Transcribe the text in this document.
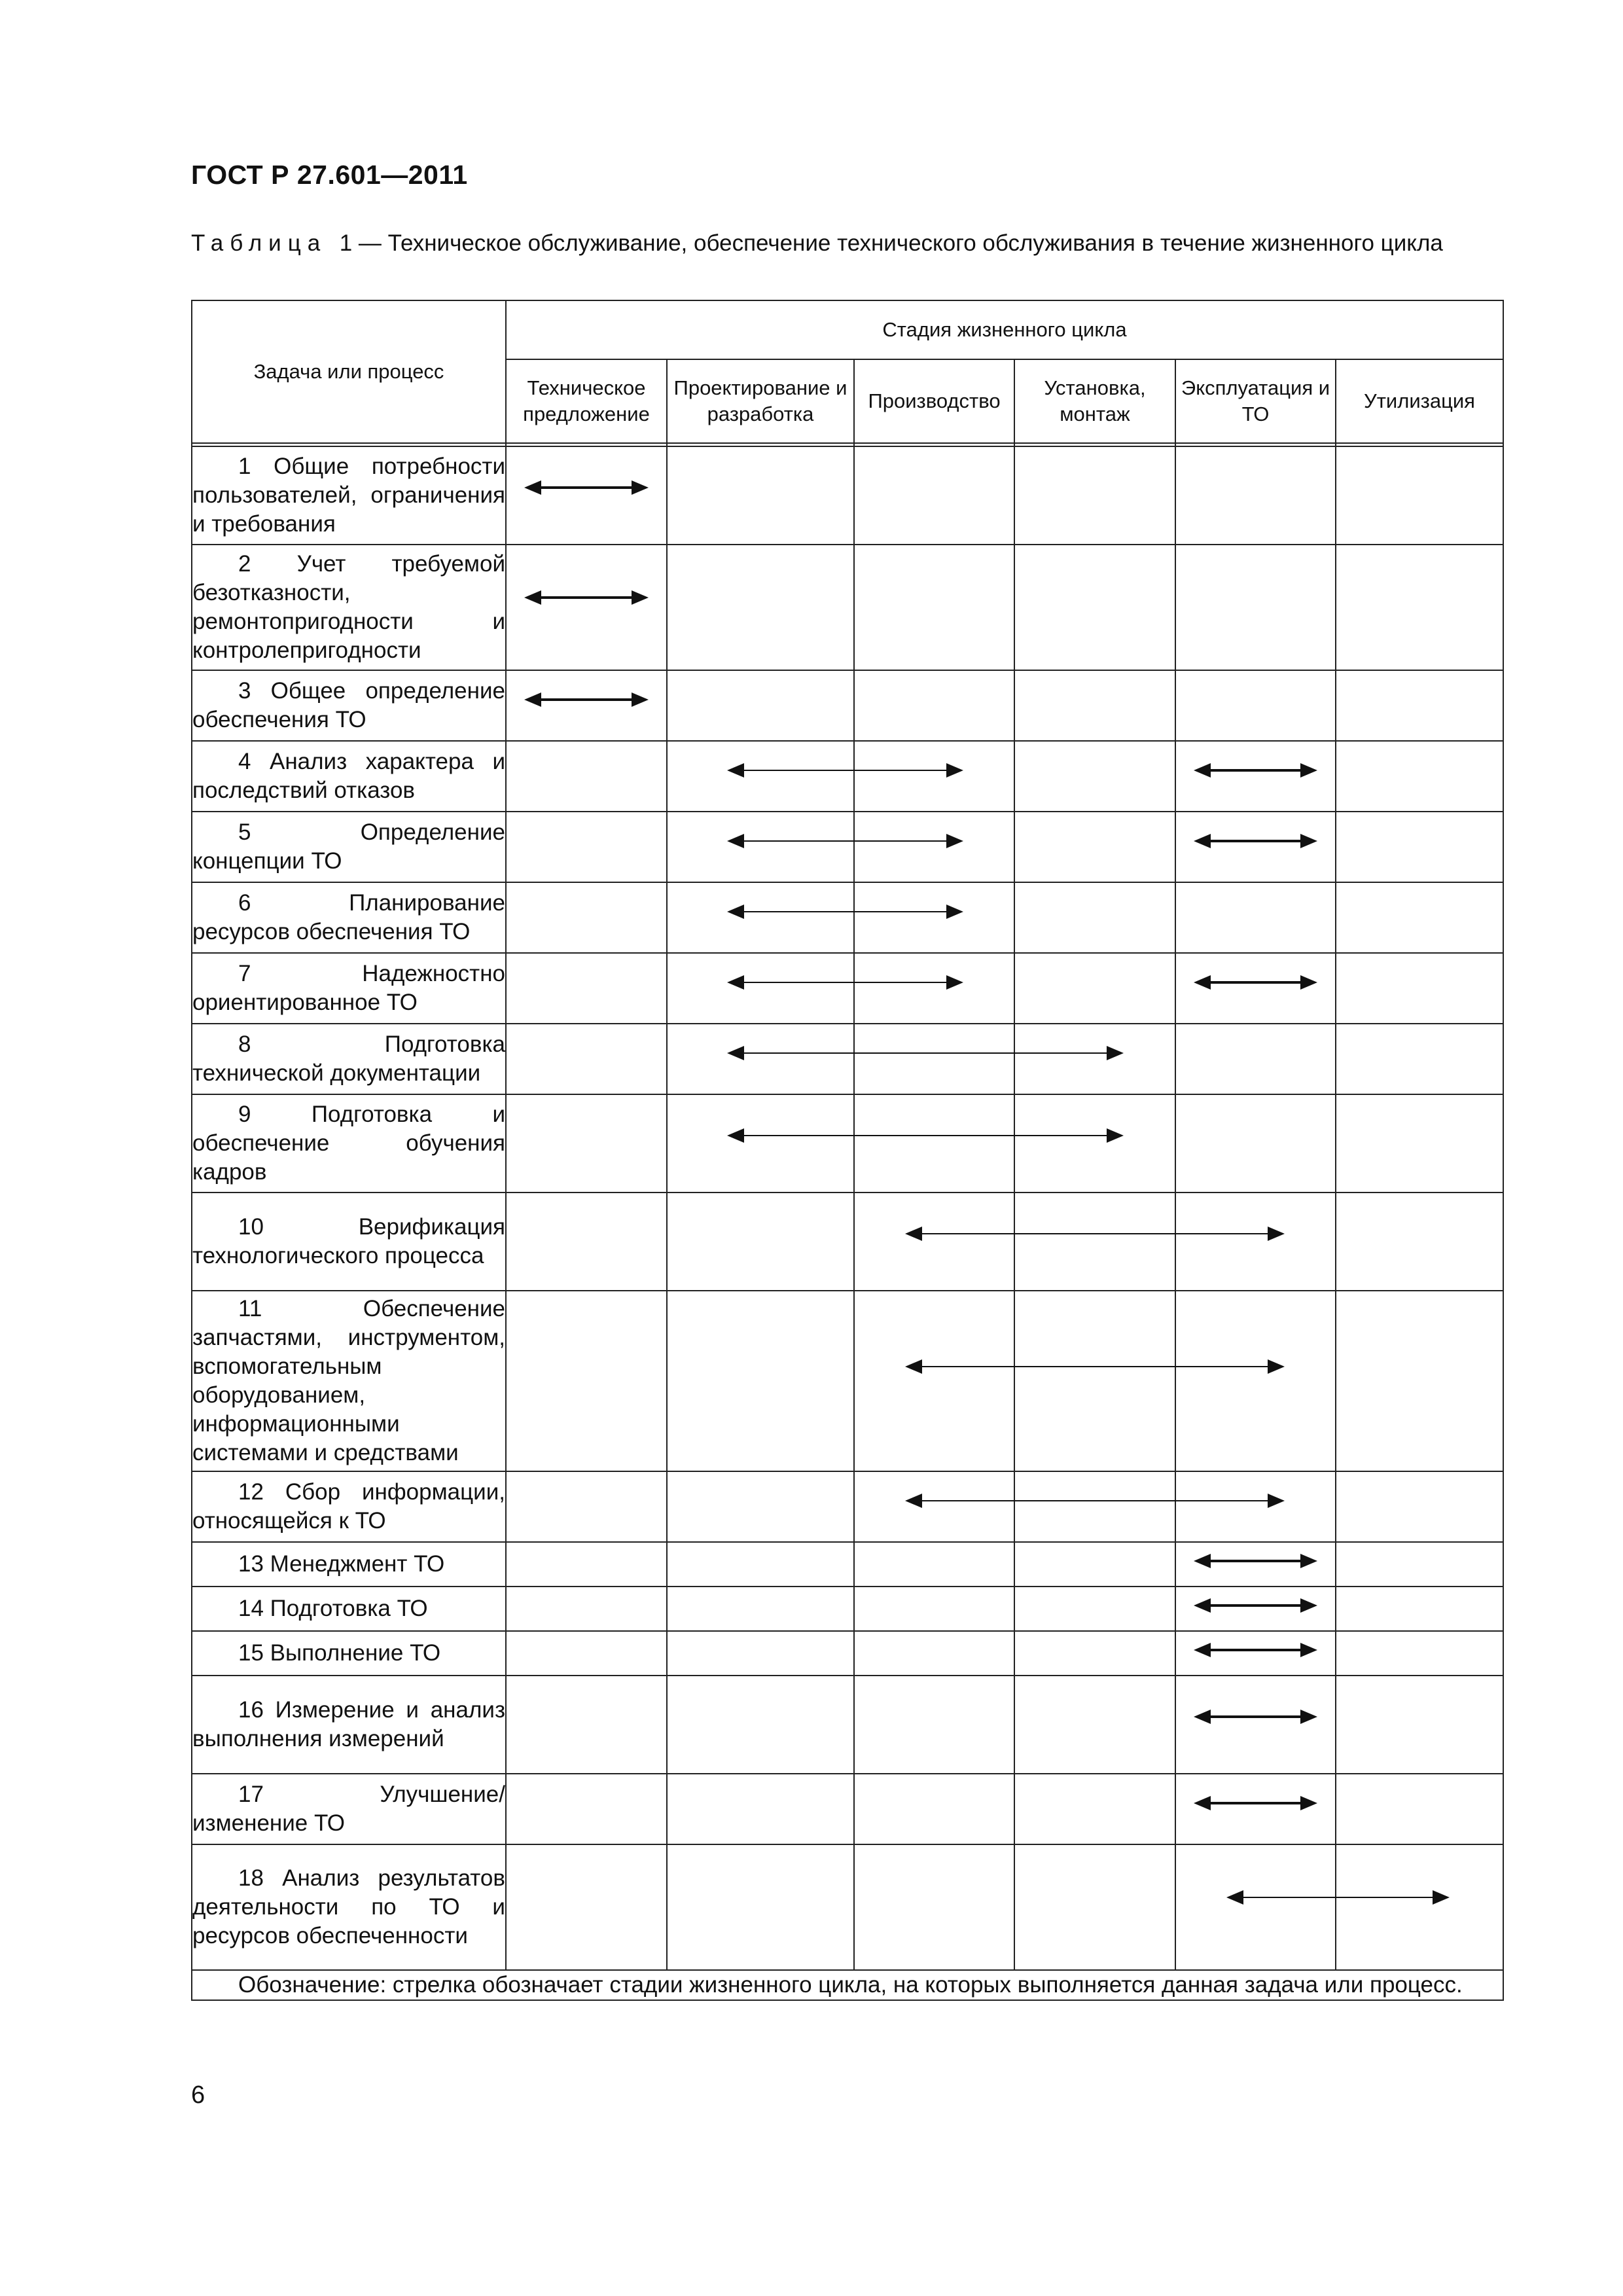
ГОСТ Р 27.601—2011
Таблица 1 — Техническое обслуживание, обеспечение технического обслуживания в течение жизненного цикла
Задача или процесс	Стадия жизненного цикла					
	Техническое предложение	Проектирование и разработка	Производство	Установка, монтаж	Эксплуатация и ТО	Утилизация

1 Общие потребности пользователей, ограничения и требования						

2 Учет требуемой безотказности, ремонтопригодности и контролепригодности						

3 Общее определение обеспечения ТО						

4 Анализ характера и последствий отказов						

5 Определение концепции ТО						

6 Планирование ресурсов обеспечения ТО						

7 Надежностно ориентированное ТО						

8 Подготовка технической документации						

9 Подготовка и обеспечение обучения кадров						

10 Верификация технологического процесса						

11 Обеспечение запчастями, инструментом, вспомогательным оборудованием, информационными системами и средствами						

12 Сбор информации, относящейся к ТО						

13 Менеджмент ТО						

14 Подготовка ТО						

15 Выполнение ТО						

16 Измерение и анализ выполнения измерений						

17 Улучшение/ изменение ТО						

18 Анализ результатов деятельности по ТО и ресурсов обеспеченности						

Обозначение: стрелка обозначает стадии жизненного цикла, на которых выполняется данная задача или процесс.						
6
